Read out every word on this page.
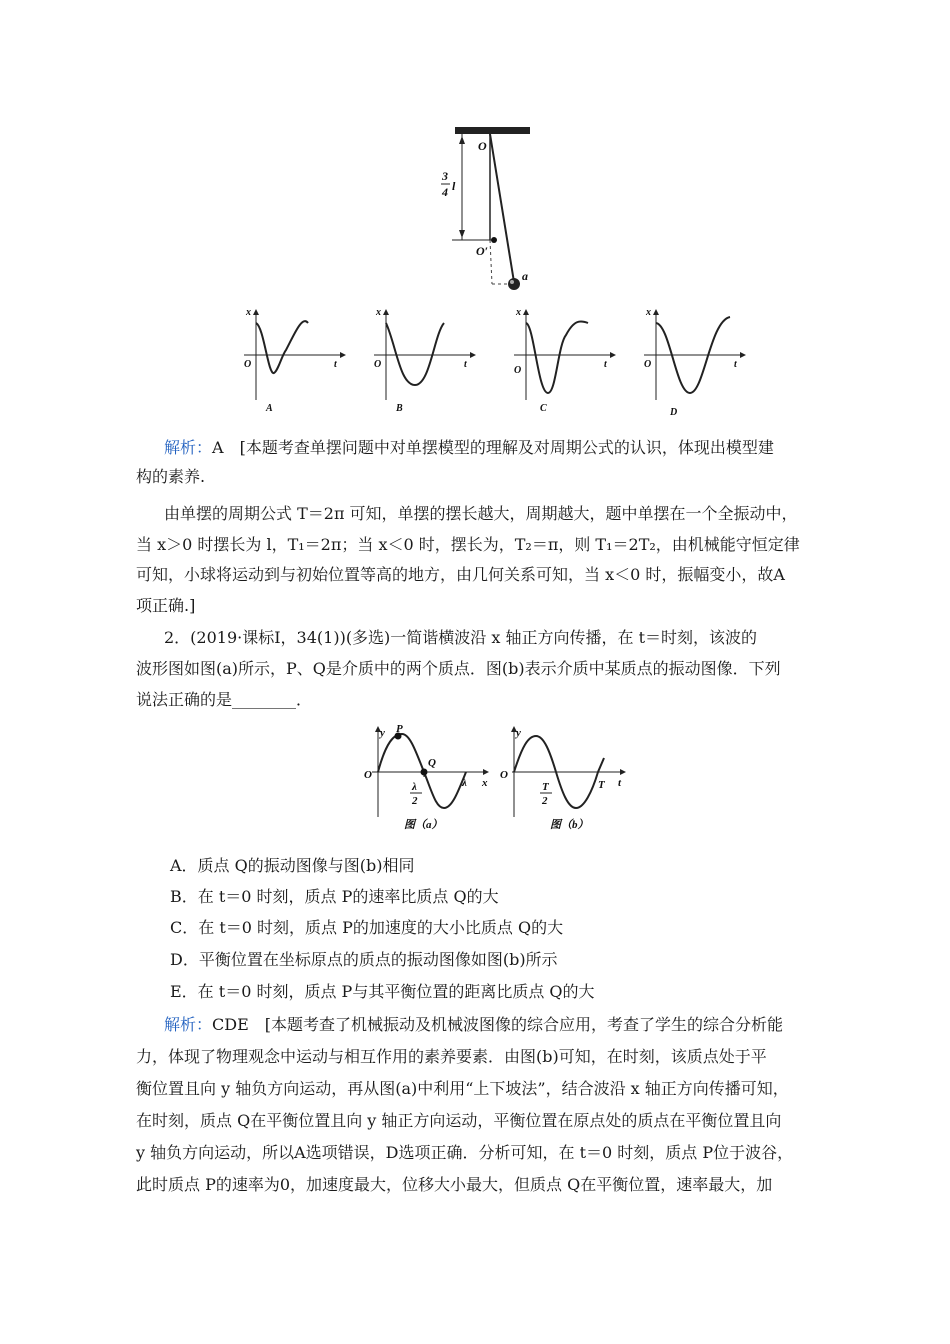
O
O′
a
3
4 l
x
O	t
A
x
O	t
B
x
O
t
C
x
O	t
D
解析：A　[本题考查单摆问题中对单摆模型的理解及对周期公式的认识，体现出模型建
构的素养.
由单摆的周期公式 T＝2π 可知，单摆的摆长越大，周期越大，题中单摆在一个全振动中，
当 x＞0 时摆长为 l，T₁＝2π；当 x＜0 时，摆长为，T₂＝π，则 T₁＝2T₂，由机械能守恒定律
可知，小球将运动到与初始位置等高的地方，由几何关系可知，当 x＜0 时，振幅变小，故A
项正确.]
2．(2019·课标Ⅰ，34(1))(多选)一简谐横波沿 x 轴正方向传播，在 t＝时刻，该波的
波形图如图(a)所示，P、Q是介质中的两个质点．图(b)表示介质中某质点的振动图像．下列
说法正确的是________．
y P
O
Q
λ x
λ
2
图（a）
y
O
T t
T
2
图（b）
A．质点 Q的振动图像与图(b)相同
B．在 t＝0 时刻，质点 P的速率比质点 Q的大
C．在 t＝0 时刻，质点 P的加速度的大小比质点 Q的大
D．平衡位置在坐标原点的质点的振动图像如图(b)所示
E．在 t＝0 时刻，质点 P与其平衡位置的距离比质点 Q的大
解析：CDE　[本题考查了机械振动及机械波图像的综合应用，考查了学生的综合分析能
力，体现了物理观念中运动与相互作用的素养要素．由图(b)可知，在时刻，该质点处于平
衡位置且向 y 轴负方向运动，再从图(a)中利用“上下坡法”，结合波沿 x 轴正方向传播可知，
在时刻，质点 Q在平衡位置且向 y 轴正方向运动，平衡位置在原点处的质点在平衡位置且向
y 轴负方向运动，所以A选项错误，D选项正确．分析可知，在 t＝0 时刻，质点 P位于波谷，
此时质点 P的速率为0，加速度最大，位移大小最大，但质点 Q在平衡位置，速率最大，加
